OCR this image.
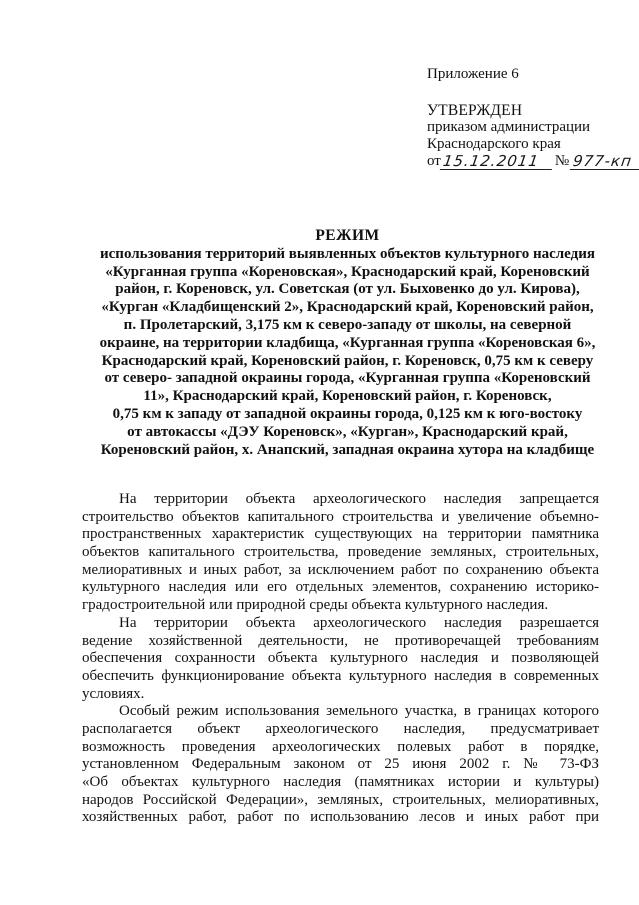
Приложение 6
УТВЕРЖДЕН
приказом администрации
Краснодарского края
от15.12.2011 № 977-кп
РЕЖИМ
использования территорий выявленных объектов культурного наследия
«Курганная группа «Кореновская», Краснодарский край, Кореновский
район, г. Кореновск, ул. Советская (от ул. Быховенко до ул. Кирова),
«Курган «Кладбищенский 2», Краснодарский край, Кореновский район,
п. Пролетарский, 3,175 км к северо-западу от школы, на северной
окраине, на территории кладбища, «Курганная группа «Кореновская 6»,
Краснодарский край, Кореновский район, г. Кореновск, 0,75 км к северу
от северо- западной окраины города, «Курганная группа «Кореновский
11», Краснодарский край, Кореновский район, г. Кореновск,
0,75 км к западу от западной окраины города, 0,125 км к юго-востоку
от автокассы «ДЭУ Кореновск», «Курган», Краснодарский край,
Кореновский район, х. Анапский, западная окраина хутора на кладбище
На территории объекта археологического наследия запрещается
строительство объектов капитального строительства и увеличение объемно-
пространственных характеристик существующих на территории памятника
объектов капитального строительства, проведение земляных, строительных,
мелиоративных и иных работ, за исключением работ по сохранению объекта
культурного наследия или его отдельных элементов, сохранению историко-
градостроительной или природной среды объекта культурного наследия.
На территории объекта археологического наследия разрешается
ведение хозяйственной деятельности, не противоречащей требованиям
обеспечения сохранности объекта культурного наследия и позволяющей
обеспечить функционирование объекта культурного наследия в современных
условиях.
Особый режим использования земельного участка, в границах которого
располагается объект археологического наследия, предусматривает
возможность проведения археологических полевых работ в порядке,
установленном Федеральным законом от 25 июня 2002 г. № 73-ФЗ
«Об объектах культурного наследия (памятниках истории и культуры)
народов Российской Федерации», земляных, строительных, мелиоративных,
хозяйственных работ, работ по использованию лесов и иных работ при
